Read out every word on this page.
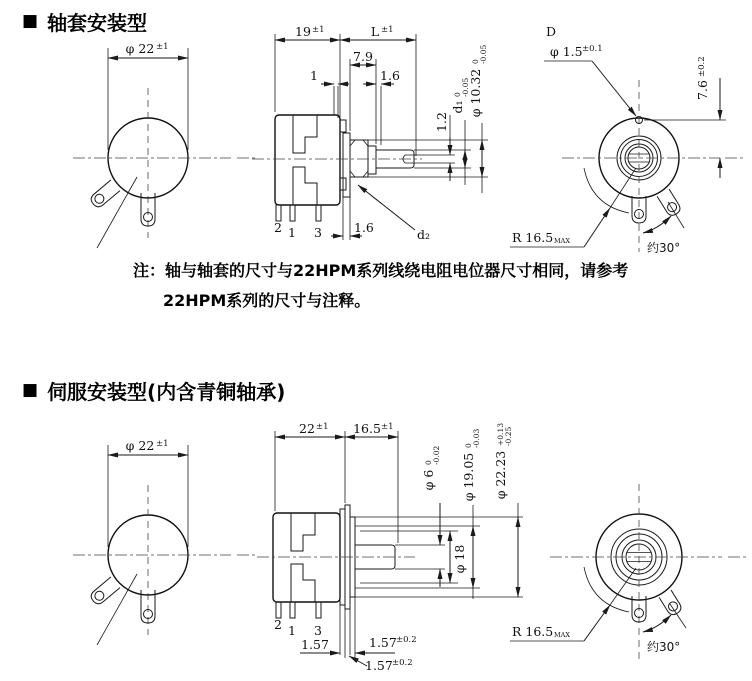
■ 轴套安装型
φ 22 ±1
19 ±1	L ±1
7.9
1	1.6
1.2
d₁
0 -0.05
φ 10.32
0 -0.05
d₂
1.6
2 1 3
D
φ 1.5 ±0.1
7.6
±0.2
R 16.5 MAX	约30°
注：轴与轴套的尺寸与22HPM系列线绕电阻电位器尺寸相同，请参考
22HPM系列的尺寸与注释。
■ 伺服安装型(内含青铜轴承)
φ 22 ±1
22 ±1 16.5 ±1
φ 6
0 -0.02
φ 18
φ 19.05
0 -0.03
φ 22.23
+0.13 -0.25
2 1 3
1.57	1.57 ±0.2
1.57 ±0.2
R 16.5 MAX
约30°
